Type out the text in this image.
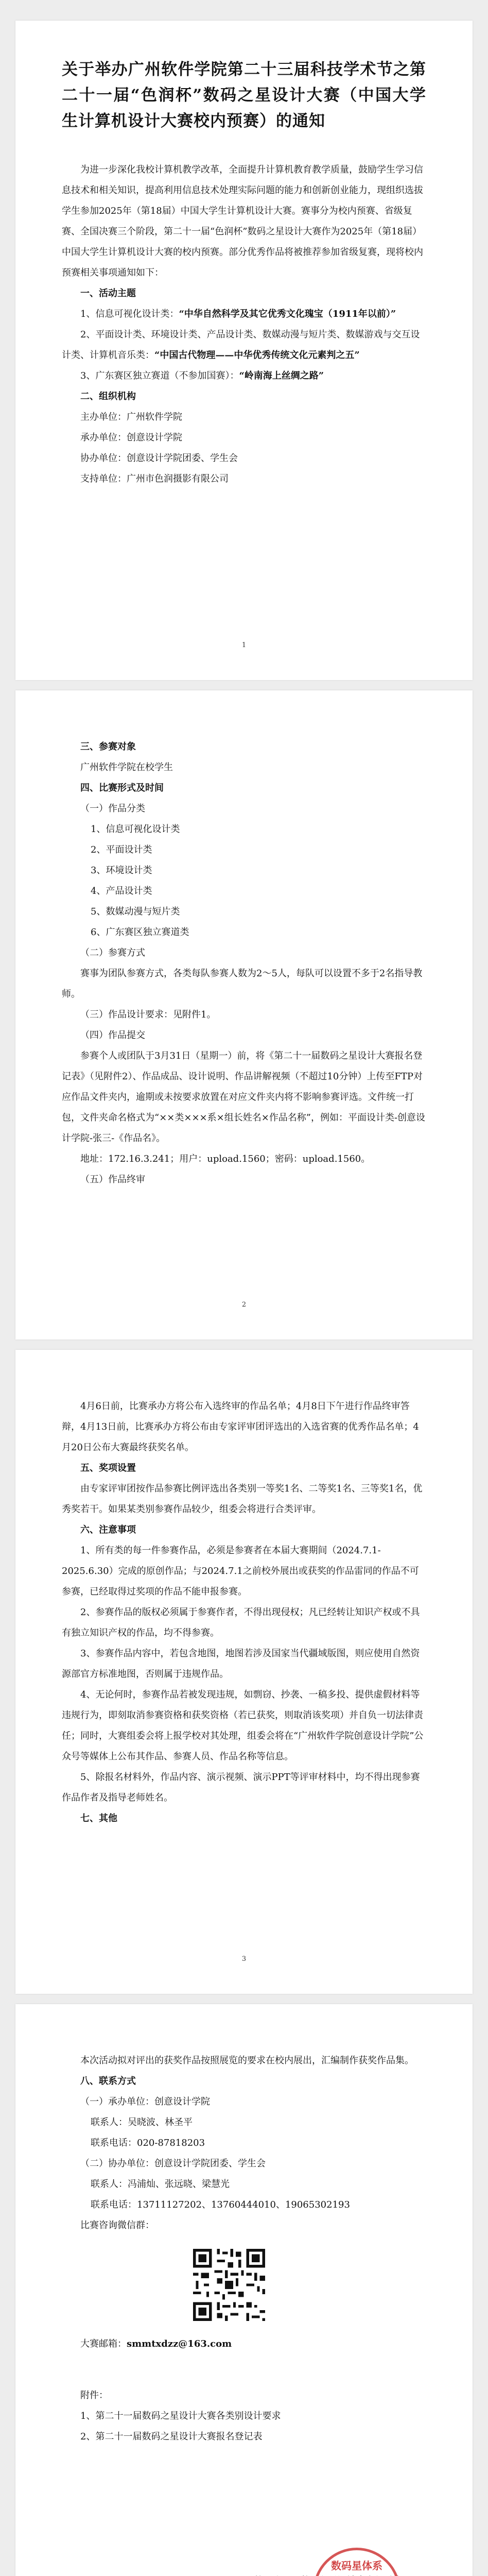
关于举办广州软件学院第二十三届科技学术节之第二十一届“色润杯”数码之星设计大赛（中国大学生计算机设计大赛校内预赛）的通知

为进一步深化我校计算机教学改革，全面提升计算机教育教学质量，鼓励学生学习信息技术和相关知识，提高利用信息技术处理实际问题的能力和创新创业能力，现组织选拔学生参加2025年（第18届）中国大学生计算机设计大赛。赛事分为校内预赛、省级复赛、全国决赛三个阶段，第二十一届“色润杯”数码之星设计大赛作为2025年（第18届）中国大学生计算机设计大赛的校内预赛。部分优秀作品将被推荐参加省级复赛，现将校内预赛相关事项通知如下：

一、活动主题

1、信息可视化设计类：“中华自然科学及其它优秀文化瑰宝（1911年以前）”

2、平面设计类、环境设计类、产品设计类、数媒动漫与短片类、数媒游戏与交互设计类、计算机音乐类：“中国古代物理——中华优秀传统文化元素判之五”

3、广东赛区独立赛道（不参加国赛）：“岭南海上丝绸之路”

二、组织机构

主办单位：广州软件学院

承办单位：创意设计学院

协办单位：创意设计学院团委、学生会

支持单位：广州市色润摄影有限公司

1

三、参赛对象

广州软件学院在校学生

四、比赛形式及时间

（一）作品分类

1、信息可视化设计类

2、平面设计类

3、环境设计类

4、产品设计类

5、数媒动漫与短片类

6、广东赛区独立赛道类

（二）参赛方式

赛事为团队参赛方式，各类每队参赛人数为2～5人，每队可以设置不多于2名指导教师。

（三）作品设计要求：见附件1。

（四）作品提交

参赛个人或团队于3月31日（星期一）前，将《第二十一届数码之星设计大赛报名登记表》（见附件2）、作品成品、设计说明、作品讲解视频（不超过10分钟）上传至FTP对应作品文件夹内，逾期或未按要求放置在对应文件夹内将不影响参赛评选。文件统一打包，文件夹命名格式为“××类×××系×组长姓名×作品名称”，例如：平面设计类-创意设计学院-张三-《作品名》。

地址：172.16.3.241；用户：upload.1560；密码：upload.1560。

（五）作品终审

2

4月6日前，比赛承办方将公布入选终审的作品名单；4月8日下午进行作品终审答辩，4月13日前，比赛承办方将公布由专家评审团评选出的入选省赛的优秀作品名单；4月20日公布大赛最终获奖名单。

五、奖项设置

由专家评审团按作品参赛比例评选出各类别一等奖1名、二等奖1名、三等奖1名，优秀奖若干。如果某类别参赛作品较少，组委会将进行合类评审。

六、注意事项

1、所有类的每一件参赛作品，必须是参赛者在本届大赛期间（2024.7.1-2025.6.30）完成的原创作品；与2024.7.1之前校外展出或获奖的作品雷同的作品不可参赛，已经取得过奖项的作品不能申报参赛。

2、参赛作品的版权必须属于参赛作者，不得出现侵权；凡已经转让知识产权或不具有独立知识产权的作品，均不得参赛。

3、参赛作品内容中，若包含地图，地图若涉及国家当代疆域版图，则应使用自然资源部官方标准地图，否则属于违规作品。

4、无论何时，参赛作品若被发现违规，如剽窃、抄袭、一稿多投、提供虚假材料等违规行为，即刻取消参赛资格和获奖资格（若已获奖，则取消该奖项）并自负一切法律责任；同时，大赛组委会将上报学校对其处理，组委会将在“广州软件学院创意设计学院”公众号等媒体上公布其作品、参赛人员、作品名称等信息。

5、除报名材料外，作品内容、演示视频、演示PPT等评审材料中，均不得出现参赛作品作者及指导老师姓名。

七、其他

3

本次活动拟对评出的获奖作品按照展览的要求在校内展出，汇编制作获奖作品集。

八、联系方式

（一）承办单位：创意设计学院

联系人：吴晓波、林圣平

联系电话：020-87818203

（二）协办单位：创意设计学院团委、学生会

联系人：冯浦灿、张远晓、梁慧光

联系电话：13711127202、13760444010、19065302193

比赛咨询微信群：

大赛邮箱：smmtxdzz@163.com

附件：

1、第二十一届数码之星设计大赛各类别设计要求

2、第二十一届数码之星设计大赛报名登记表

数码星体系
